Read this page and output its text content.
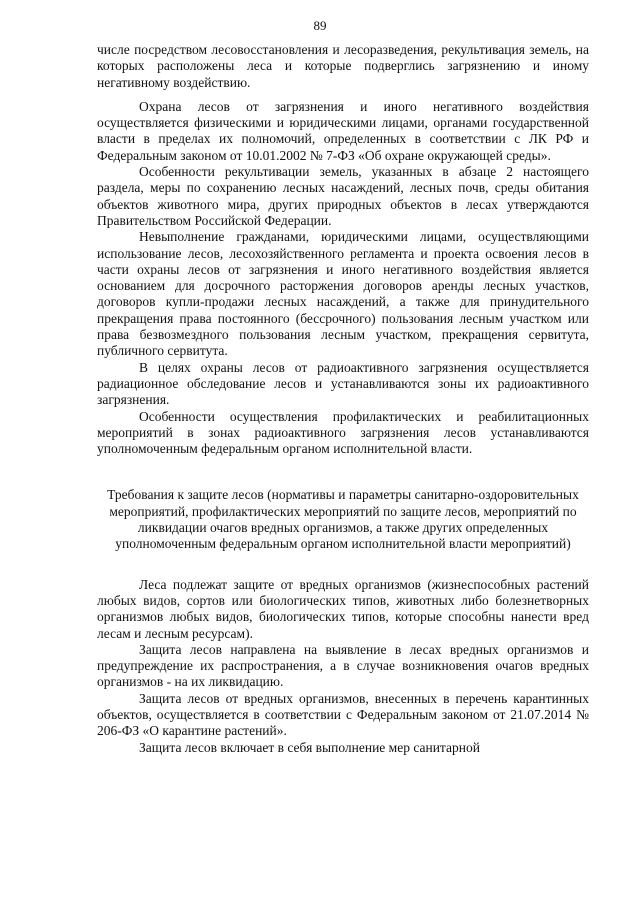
89

числе посредством лесовосстановления и лесоразведения, рекультивация земель, на которых расположены леса и которые подверглись загрязнению и иному негативному воздействию.

Охрана лесов от загрязнения и иного негативного воздействия осуществляется физическими и юридическими лицами, органами государственной власти в пределах их полномочий, определенных в соответствии с ЛК РФ и Федеральным законом от 10.01.2002 № 7-ФЗ «Об охране окружающей среды».

Особенности рекультивации земель, указанных в абзаце 2 настоящего раздела, меры по сохранению лесных насаждений, лесных почв, среды обитания объектов животного мира, других природных объектов в лесах утверждаются Правительством Российской Федерации.

Невыполнение гражданами, юридическими лицами, осуществляющими использование лесов, лесохозяйственного регламента и проекта освоения лесов в части охраны лесов от загрязнения и иного негативного воздействия является основанием для досрочного расторжения договоров аренды лесных участков, договоров купли-продажи лесных насаждений, а также для принудительного прекращения права постоянного (бессрочного) пользования лесным участком или права безвозмездного пользования лесным участком, прекращения сервитута, публичного сервитута.

В целях охраны лесов от радиоактивного загрязнения осуществляется радиационное обследование лесов и устанавливаются зоны их радиоактивного загрязнения.

Особенности осуществления профилактических и реабилитационных мероприятий в зонах радиоактивного загрязнения лесов устанавливаются уполномоченным федеральным органом исполнительной власти.

Требования к защите лесов (нормативы и параметры санитарно-оздоровительных мероприятий, профилактических мероприятий по защите лесов, мероприятий по ликвидации очагов вредных организмов, а также других определенных уполномоченным федеральным органом исполнительной власти мероприятий)

Леса подлежат защите от вредных организмов (жизнеспособных растений любых видов, сортов или биологических типов, животных либо болезнетворных организмов любых видов, биологических типов, которые способны нанести вред лесам и лесным ресурсам).

Защита лесов направлена на выявление в лесах вредных организмов и предупреждение их распространения, а в случае возникновения очагов вредных организмов - на их ликвидацию.

Защита лесов от вредных организмов, внесенных в перечень карантинных объектов, осуществляется в соответствии с Федеральным законом от 21.07.2014 № 206-ФЗ «О карантине растений».

Защита лесов включает в себя выполнение мер санитарной
